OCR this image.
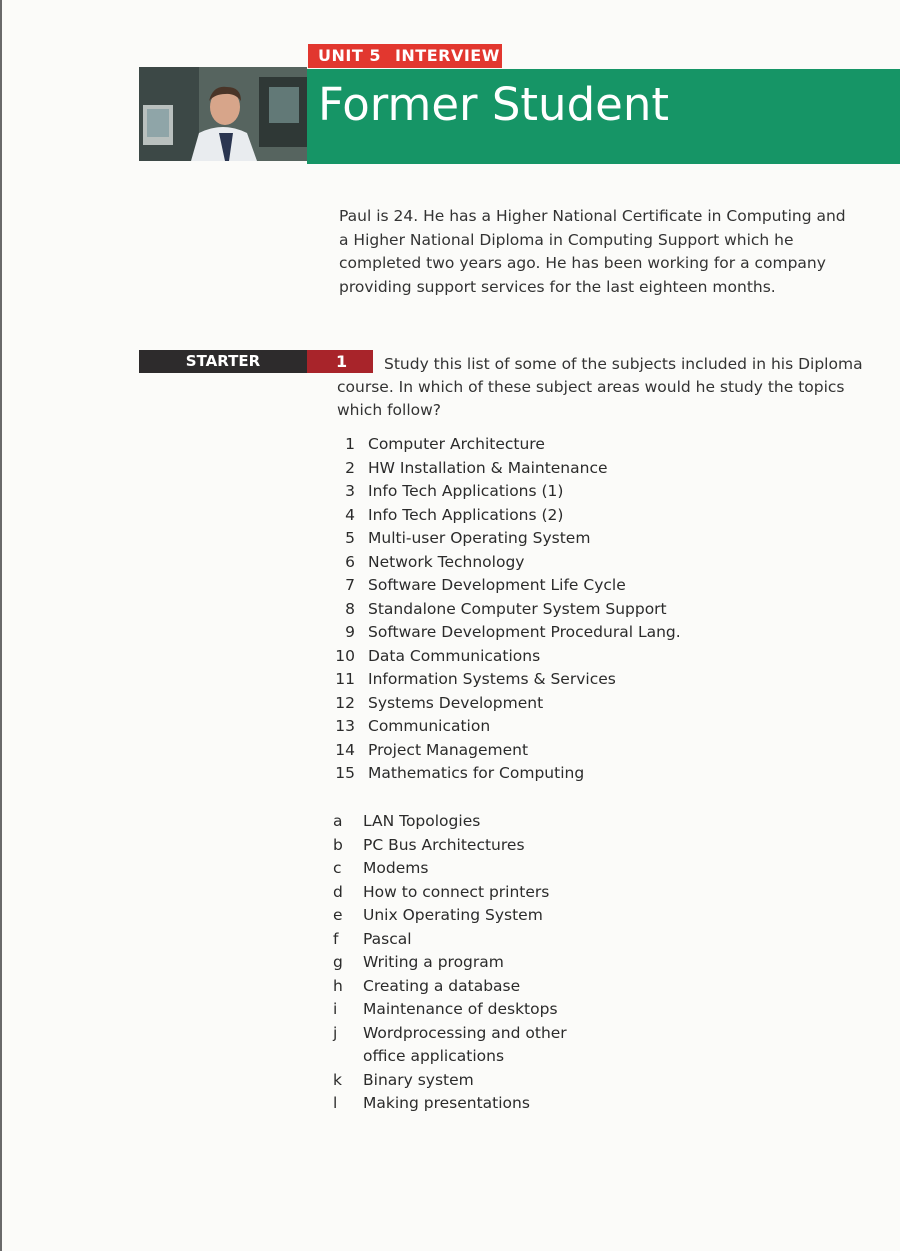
UNIT 5 INTERVIEW
Former Student

Paul is 24. He has a Higher National Certificate in Computing and a Higher National Diploma in Computing Support which he completed two years ago. He has been working for a company providing support services for the last eighteen months.

STARTER	1	Study this list of some of the subjects included in his Diploma course. In which of these subject areas would he study the topics which follow?

1 Computer Architecture
2 HW Installation & Maintenance
3 Info Tech Applications (1)
4 Info Tech Applications (2)
5 Multi-user Operating System
6 Network Technology
7 Software Development Life Cycle
8 Standalone Computer System Support
9 Software Development Procedural Lang.
10 Data Communications
11 Information Systems & Services
12 Systems Development
13 Communication
14 Project Management
15 Mathematics for Computing
a	LAN Topologies
b	PC Bus Architectures
c	Modems
d	How to connect printers
e	Unix Operating System
f	Pascal
g	Writing a program
h	Creating a database
i	Maintenance of desktops
j	Wordprocessing and other office applications
k	Binary system
l	Making presentations
